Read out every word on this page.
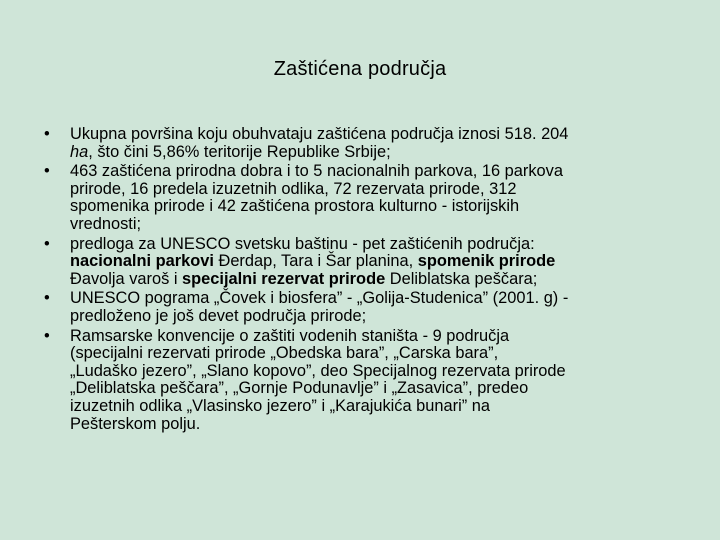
Zaštićena područja
•	Ukupna površina koju obuhvataju zaštićena područja iznosi 518. 204
ha, što čini 5,86% teritorije Republike Srbije;
•	463 zaštićena prirodna dobra i to 5 nacionalnih parkova, 16 parkova
prirode, 16 predela izuzetnih odlika, 72 rezervata prirode, 312
spomenika prirode i 42 zaštićena prostora kulturno - istorijskih
vrednosti;
•	predloga za UNESCO svetsku baštinu - pet zaštićenih područja:
nacionalni parkovi Đerdap, Tara i Šar planina, spomenik prirode
Đavolja varoš i specijalni rezervat prirode Deliblatska peščara;
•	UNESCO pograma „Čovek i biosfera” - „Golija-Studenica” (2001. g) -
predloženo je još devet područja prirode;
•	Ramsarske konvencije o zaštiti vodenih staništa - 9 područja
(specijalni rezervati prirode „Obedska bara”, „Carska bara”,
„Ludaško jezero”, „Slano kopovo”, deo Specijalnog rezervata prirode
„Deliblatska peščara”, „Gornje Podunavlje” i „Zasavica”, predeo
izuzetnih odlika „Vlasinsko jezero” i „Karajukića bunari” na
Pešterskom polju.
